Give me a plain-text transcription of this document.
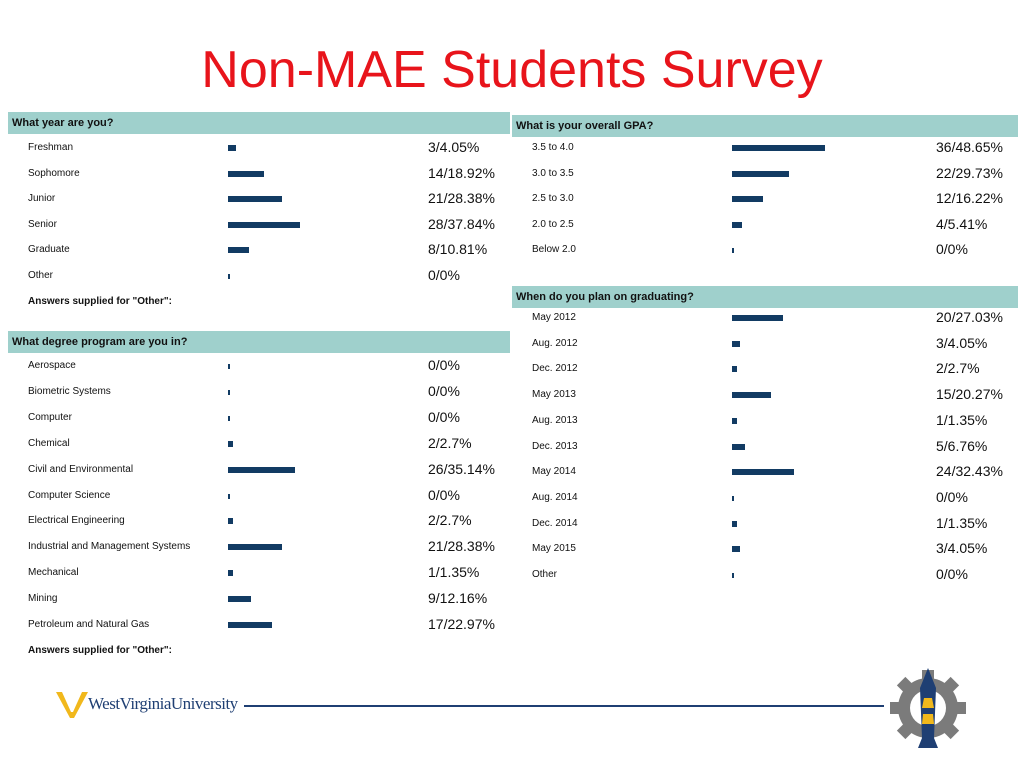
Non-MAE Students Survey
What year are you?
Freshman	3/4.05%
Sophomore	14/18.92%
Junior	21/28.38%
Senior	28/37.84%
Graduate	8/10.81%
Other	0/0%
Answers supplied for "Other":
What degree program are you in?
Aerospace	0/0%
Biometric Systems	0/0%
Computer	0/0%
Chemical	2/2.7%
Civil and Environmental	26/35.14%
Computer Science	0/0%
Electrical Engineering	2/2.7%
Industrial and Management Systems	21/28.38%
Mechanical	1/1.35%
Mining	9/12.16%
Petroleum and Natural Gas	17/22.97%
Answers supplied for "Other":
What is your overall GPA?
3.5 to 4.0	36/48.65%
3.0 to 3.5	22/29.73%
2.5 to 3.0	12/16.22%
2.0 to 2.5	4/5.41%
Below 2.0	0/0%
When do you plan on graduating?
May 2012	20/27.03%
Aug. 2012	3/4.05%
Dec. 2012	2/2.7%
May 2013	15/20.27%
Aug. 2013	1/1.35%
Dec. 2013	5/6.76%
May 2014	24/32.43%
Aug. 2014	0/0%
Dec. 2014	1/1.35%
May 2015	3/4.05%
Other	0/0%
WestVirginiaUniversity
